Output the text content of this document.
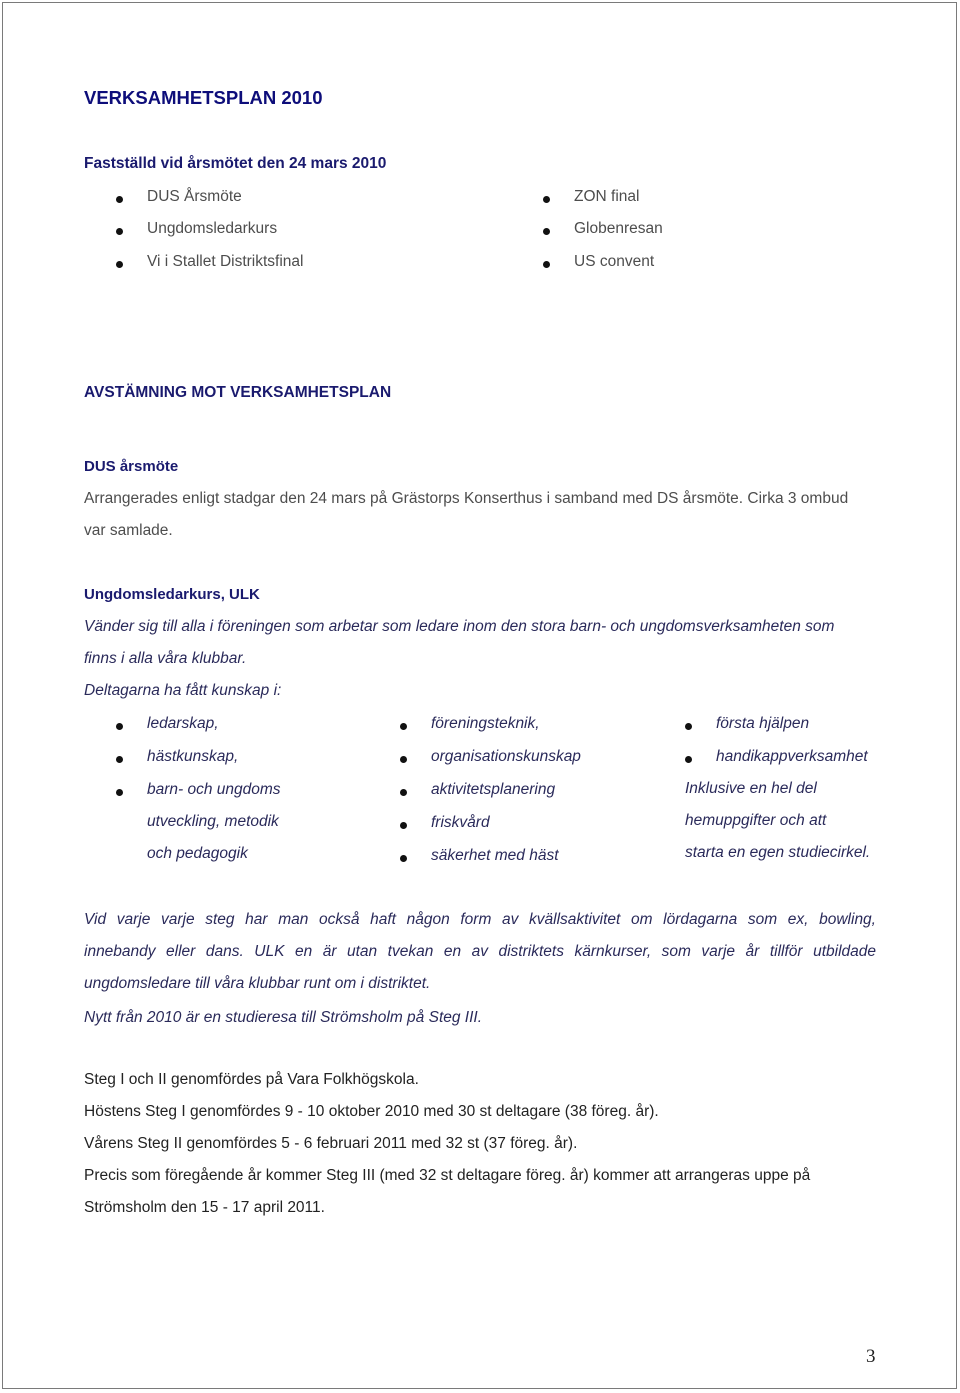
VERKSAMHETSPLAN 2010
Fastställd vid årsmötet den 24 mars 2010
DUS Årsmöte
Ungdomsledarkurs
Vi i Stallet Distriktsfinal
ZON final
Globenresan
US convent
AVSTÄMNING MOT VERKSAMHETSPLAN
DUS årsmöte
Arrangerades enligt stadgar den 24 mars på Grästorps Konserthus i samband med DS årsmöte. Cirka 3 ombud
var samlade.
Ungdomsledarkurs, ULK
Vänder sig till alla i föreningen som arbetar som ledare inom den stora barn- och ungdomsverksamheten som
finns i alla våra klubbar.
Deltagarna ha fått kunskap i:
ledarskap,
hästkunskap,
barn- och ungdoms
utveckling, metodik
och pedagogik
föreningsteknik,
organisationskunskap
aktivitetsplanering
friskvård
säkerhet med häst
första hjälpen
handikappverksamhet
Inklusive en hel del
hemuppgifter och att
starta en egen studiecirkel.
Vid varje varje steg har man också haft någon form av kvällsaktivitet om lördagarna som ex, bowling,
innebandy eller dans. ULK en är utan tvekan en av distriktets kärnkurser, som varje år tillför utbildade
ungdomsledare till våra klubbar runt om i distriktet.
Nytt från 2010 är en studieresa till Strömsholm på Steg III.
Steg I och II genomfördes på Vara Folkhögskola.
Höstens Steg I genomfördes 9 - 10 oktober 2010 med 30 st deltagare (38 föreg. år).
Vårens Steg II genomfördes 5 - 6 februari 2011 med 32 st (37 föreg. år).
Precis som föregående år kommer Steg III (med 32 st deltagare föreg. år) kommer att arrangeras uppe på
Strömsholm den 15 - 17 april 2011.
3
